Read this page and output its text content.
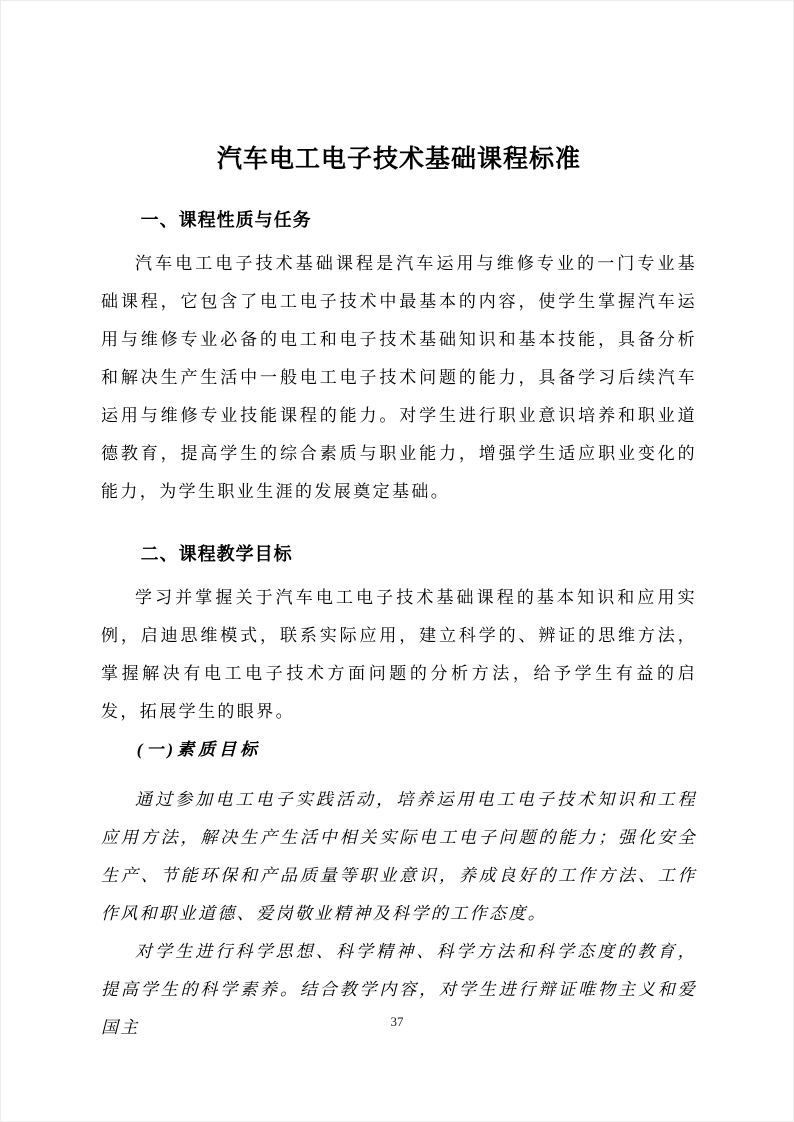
汽车电工电子技术基础课程标准
一、课程性质与任务

汽车电工电子技术基础课程是汽车运用与维修专业的一门专业基础课程，它包含了电工电子技术中最基本的内容，使学生掌握汽车运用与维修专业必备的电工和电子技术基础知识和基本技能，具备分析和解决生产生活中一般电工电子技术问题的能力，具备学习后续汽车运用与维修专业技能课程的能力。对学生进行职业意识培养和职业道德教育，提高学生的综合素质与职业能力，增强学生适应职业变化的能力，为学生职业生涯的发展奠定基础。

二、课程教学目标

学习并掌握关于汽车电工电子技术基础课程的基本知识和应用实例，启迪思维模式，联系实际应用，建立科学的、辨证的思维方法，掌握解决有电工电子技术方面问题的分析方法，给予学生有益的启发，拓展学生的眼界。

(一)素质目标

通过参加电工电子实践活动，培养运用电工电子技术知识和工程应用方法，解决生产生活中相关实际电工电子问题的能力；强化安全生产、节能环保和产品质量等职业意识，养成良好的工作方法、工作作风和职业道德、爱岗敬业精神及科学的工作态度。

对学生进行科学思想、科学精神、科学方法和科学态度的教育，提高学生的科学素养。结合教学内容，对学生进行辩证唯物主义和爱国主	37
